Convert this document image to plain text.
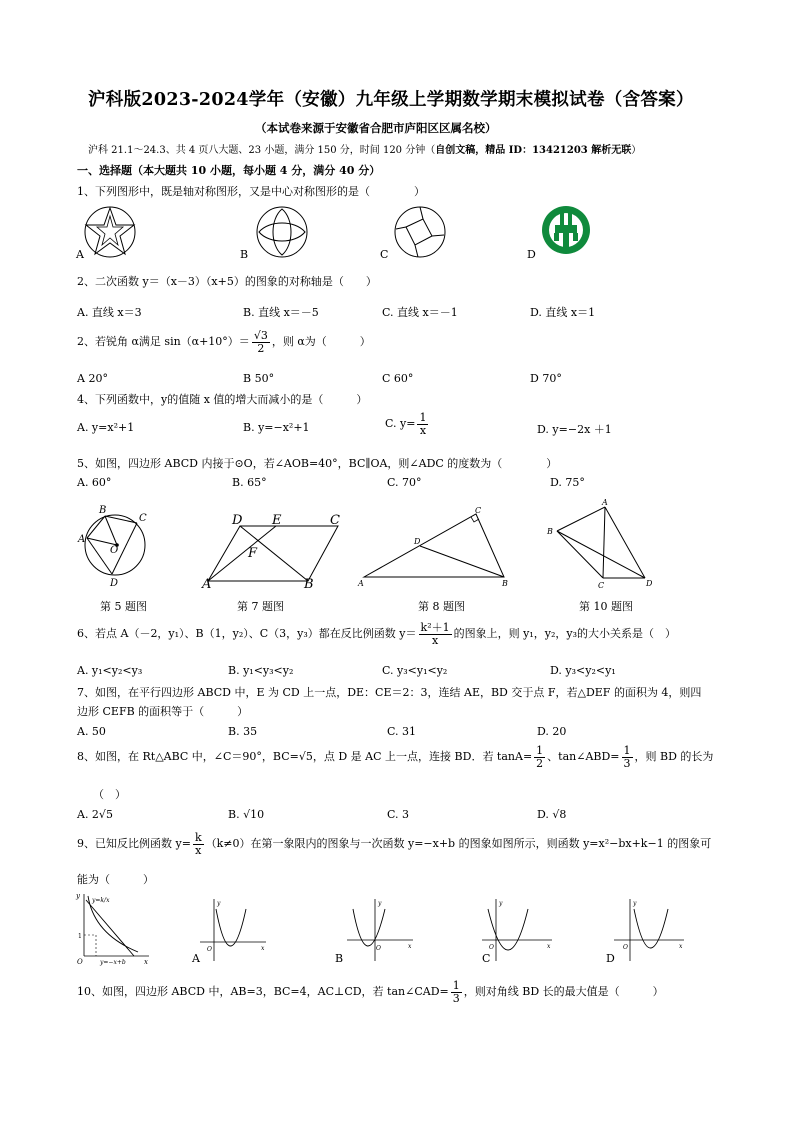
沪科版2023-2024学年（安徽）九年级上学期数学期末模拟试卷（含答案）
（本试卷来源于安徽省合肥市庐阳区区属名校）
沪科 21.1～24.3、共 4 页八大题、23 小题，满分 150 分，时间 120 分钟（自创文稿，精品 ID：13421203 解析无联）
一、选择题（本大题共 10 小题，每小题 4 分，满分 40 分）
1、下列图形中，既是轴对称图形，又是中心对称图形的是（　　　　）
A	B	C	D
2、二次函数 y＝（x－3）（x+5）的图象的对称轴是（　　）
A. 直线 x＝3	B. 直线 x＝－5	C. 直线 x＝－1	D. 直线 x＝1
2、若锐角 α满足 $\sin(\alpha+10^\circ)= \frac{√3}{2}$ ，则 α为（　　　）
A 20°	B 50°	C 60°	D 70°
4、下列函数中，y的值随 x 值的增大而减小的是（　　　）
A. y=x²+1	B. y=−x²+1	C. $y= \frac{1}{x}$	D. y=−2x ＋1
5、如图，四边形 ABCD 内接于⊙O，若∠AOB=40°，BC∥OA，则∠ADC 的度数为（　　　　）
A. 60°	B. 65°	C. 70°	D. 75°
B
C
A
O
D
第 5 题图
D E	C
F
A	B
第 7 题图
C
D
A	B
第 8 题图
A
B
C	D
第 10 题图
6、若点 A（－2，y₁）、B（1，y₂）、C（3，y₃）都在反比例函数 $y= \frac{\text{k²＋1}}{x}$ 的图象上，则 y₁，y₂，y₃的大小关系是（　）
A. y₁<y₂<y₃	B. y₁<y₃<y₂	C. y₃<y₁<y₂	D. y₃<y₂<y₁
7、如图，在平行四边形 ABCD 中，E 为 CD 上一点，DE：CE＝2：3，连结 AE，BD 交于点 F，若△DEF 的面积为 4，则四
边形 CEFB 的面积等于（　　　）
A. 50	B. 35	C. 31	D. 20
8、如图，在 Rt△ABC 中，∠C＝90°，BC=√5，点 D 是 AC 上一点，连接 BD．若 $\tan A= \frac{1}{2}$ 、tan∠ABD= $\frac{1}{3}$ ，则 BD 的长为
（　）
A. 2√5	B. √10	C. 3	D. √8
9、已知反比例函数 $y= \frac{k}{x} (k\ne 0)$在第一象限内的图象与一次函数 y=−x+b 的图象如图所示，则函数 y=x²−bx+k−1 的图象可
能为（　　　）
y
y=k/x
x
O
1
y=−x+b
y
x
O
A
y
x
O
B
y
x
O
C
y
x
O
D
10、如图，四边形 ABCD 中，AB=3，BC=4，AC⊥CD，若 tan∠CAD= $\frac{1}{3}$ ，则对角线 BD 长的最大值是（　　　）
